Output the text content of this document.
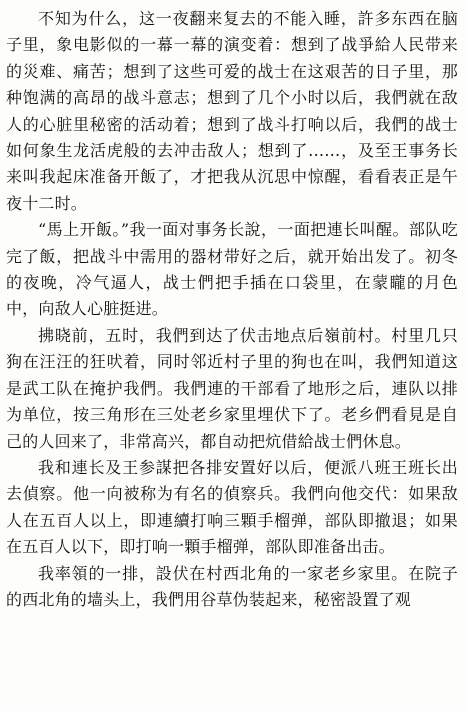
不知为什么，这一夜翻来复去的不能入睡，許多东西在脑子里，象电影似的一幕一幕的演变着：想到了战爭給人民带来的災难、痛苦；想到了这些可爱的战士在这艰苦的日子里，那种饱满的高昂的战斗意志；想到了几个小时以后，我們就在敌人的心脏里秘密的活动着；想到了战斗打响以后，我們的战士如何象生龙活虎般的去冲击敌人；想到了……，及至王事务长来叫我起床准备开飯了，才把我从沉思中惊醒，看看表正是午夜十二时。

“馬上开飯。”我一面对事务长說，一面把連长叫醒。部队吃完了飯，把战斗中需用的器材带好之后，就开始出发了。初冬的夜晚，冷气逼人，战士們把手插在口袋里，在蒙矓的月色中，向敌人心脏挺进。

拂晓前，五时，我們到达了伏击地点后嶺前村。村里几只狗在汪汪的狂吠着，同时邻近村子里的狗也在叫，我們知道这是武工队在掩护我們。我們連的干部看了地形之后，連队以排为单位，按三角形在三处老乡家里埋伏下了。老乡們看見是自己的人回来了，非常高兴，都自动把炕借給战士們休息。

我和連长及王参謀把各排安置好以后，便派八班王班长出去偵察。他一向被称为有名的偵察兵。我們向他交代：如果敌人在五百人以上，即連續打响三顆手榴弹，部队即撤退；如果在五百人以下，即打响一顆手榴弹，部队即准备出击。

我率領的一排，設伏在村西北角的一家老乡家里。在院子的西北角的墙头上，我們用谷草伪装起来，秘密設置了观
